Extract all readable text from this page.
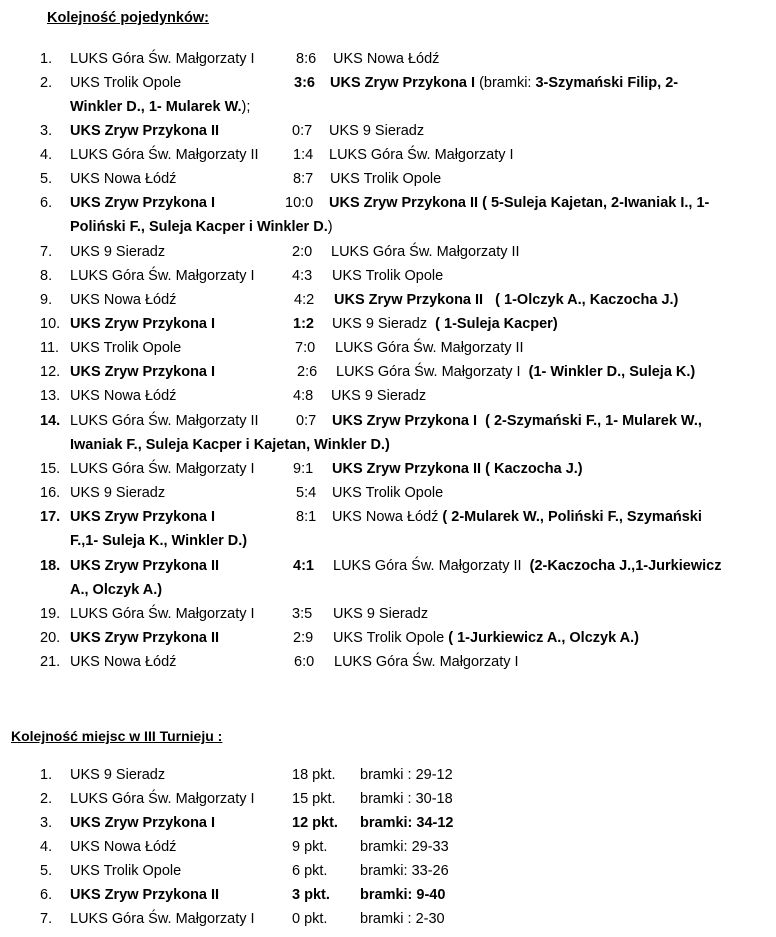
Kolejność pojedynków:
1. LUKS Góra Św. Małgorzaty I	8:6 UKS Nowa Łódź
2. UKS Trolik Opole	3:6 UKS Zryw Przykona I (bramki: 3-Szymański Filip, 2-
Winkler D., 1- Mularek W.);
3. UKS Zryw Przykona II	0:7 UKS 9 Sieradz
4. LUKS Góra Św. Małgorzaty II 1:4 LUKS Góra Św. Małgorzaty I
5. UKS Nowa Łódź	8:7 UKS Trolik Opole
6. UKS Zryw Przykona I	10:0 UKS Zryw Przykona II ( 5-Suleja Kajetan, 2-Iwaniak I., 1-
Poliński F., Suleja Kacper i Winkler D.)
7. UKS 9 Sieradz	2:0 LUKS Góra Św. Małgorzaty II
8. LUKS Góra Św. Małgorzaty I	4:3 UKS Trolik Opole
9. UKS Nowa Łódź	4:2 UKS Zryw Przykona II ( 1-Olczyk A., Kaczocha J.)
10. UKS Zryw Przykona I	1:2 UKS 9 Sieradz ( 1-Suleja Kacper)
11. UKS Trolik Opole	7:0 LUKS Góra Św. Małgorzaty II
12. UKS Zryw Przykona I	2:6 LUKS Góra Św. Małgorzaty I (1- Winkler D., Suleja K.)
13. UKS Nowa Łódź	4:8 UKS 9 Sieradz
14. LUKS Góra Św. Małgorzaty II	0:7 UKS Zryw Przykona I ( 2-Szymański F., 1- Mularek W.,
Iwaniak F., Suleja Kacper i Kajetan, Winkler D.)
15. LUKS Góra Św. Małgorzaty I	9:1 UKS Zryw Przykona II ( Kaczocha J.)
16. UKS 9 Sieradz	5:4 UKS Trolik Opole
17. UKS Zryw Przykona I	8:1 UKS Nowa Łódź ( 2-Mularek W., Poliński F., Szymański
F.,1- Suleja K., Winkler D.)
18. UKS Zryw Przykona II	4:1 LUKS Góra Św. Małgorzaty II (2-Kaczocha J.,1-Jurkiewicz
A., Olczyk A.)
19. LUKS Góra Św. Małgorzaty I	3:5 UKS 9 Sieradz
20. UKS Zryw Przykona II	2:9 UKS Trolik Opole ( 1-Jurkiewicz A., Olczyk A.)
21. UKS Nowa Łódź	6:0 LUKS Góra Św. Małgorzaty I
Kolejność miejsc w III Turnieju :
1. UKS 9 Sieradz	18 pkt. bramki : 29-12
2. LUKS Góra Św. Małgorzaty I	15 pkt. bramki : 30-18
3. UKS Zryw Przykona I	12 pkt. bramki: 34-12
4. UKS Nowa Łódź	9 pkt. bramki: 29-33
5. UKS Trolik Opole	6 pkt. bramki: 33-26
6. UKS Zryw Przykona II	3 pkt. bramki: 9-40
7. LUKS Góra Św. Małgorzaty I	0 pkt. bramki : 2-30
